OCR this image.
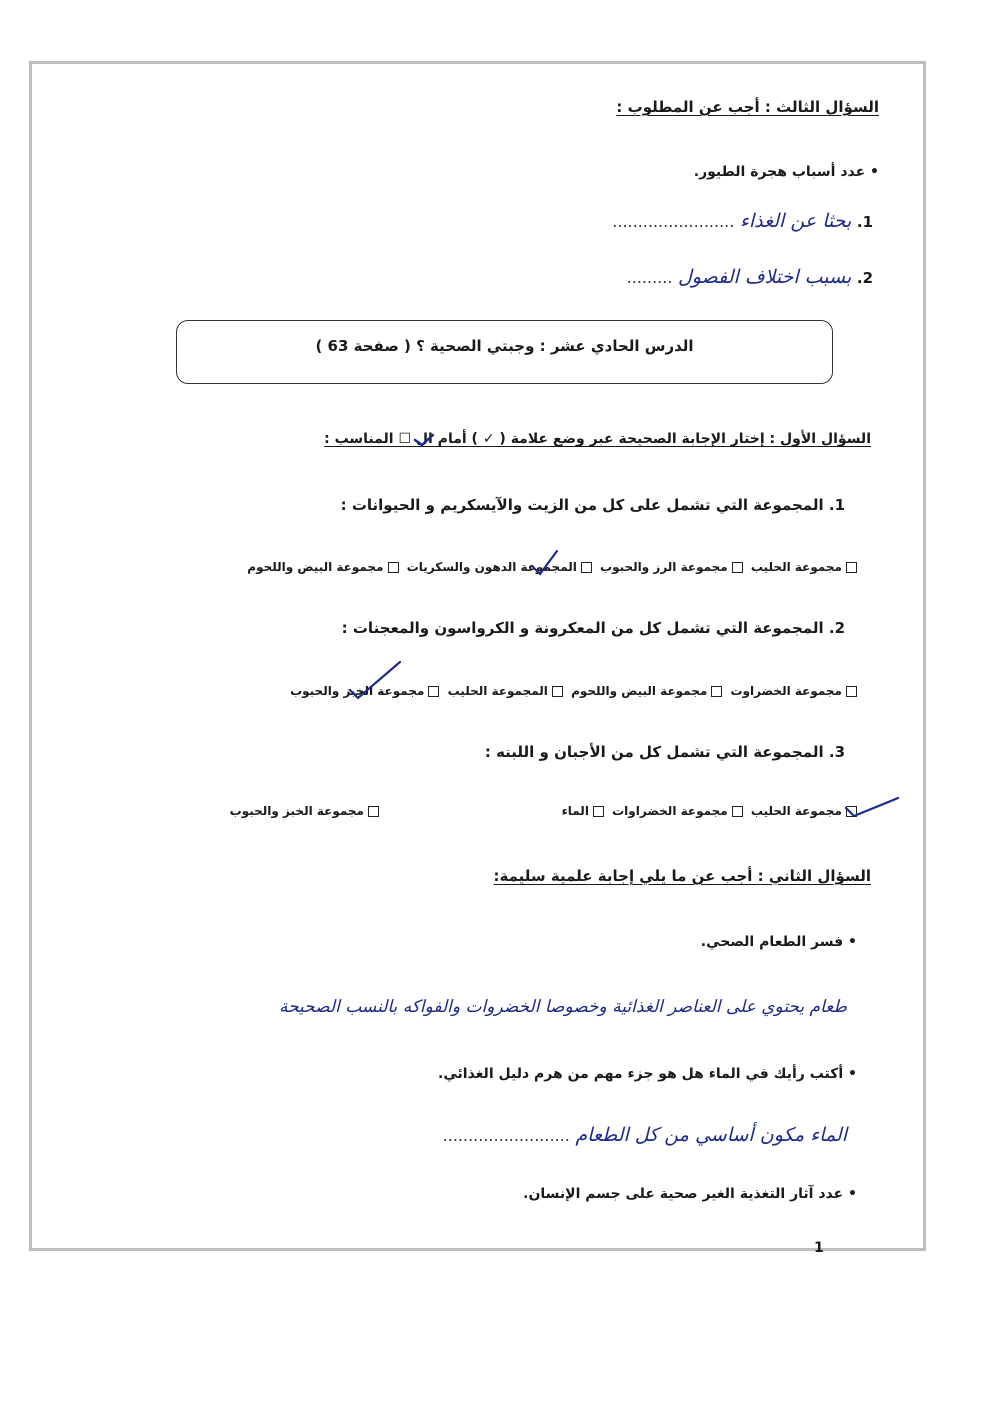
السؤال الثالث : أجب عن المطلوب :
• عدد أسباب هجرة الطيور.
1. بحثا عن الغذاء ........................
2. بسبب اختلاف الفصول .........
الدرس الحادي عشر : وجبتي الصحية ؟ ( صفحة 63 )
السؤال الأول : إختار الإجابة الصحيحة عبر وضع علامة ( ✓ ) أمام ال ☐ المناسب :
1. المجموعة التي تشمل على كل من الزيت والآيسكريم و الحيوانات :
مجموعة الحليب مجموعة الرز والحبوب المجموعة الدهون والسكريات مجموعة البيض واللحوم
2. المجموعة التي تشمل كل من المعكرونة و الكرواسون والمعجنات :
مجموعة الخضراوت مجموعة البيض واللحوم المجموعة الحليب مجموعة الخبز والحبوب
3. المجموعة التي تشمل كل من الأجبان و اللبنه :
مجموعة الحليب مجموعة الخضراوات الماء
مجموعة الخبز والحبوب
السؤال الثاني : أجب عن ما يلي إجابة علمية سليمة:
• فسر الطعام الصحي.
طعام يحتوي على العناصر الغذائية وخصوصا الخضروات والفواكه بالنسب الصحيحة
• أكتب رأيك في الماء هل هو جزء مهم من هرم دليل الغذائي.
الماء مكون أساسي من كل الطعام .........................
• عدد آثار التغذية الغير صحية على جسم الإنسان.
1
